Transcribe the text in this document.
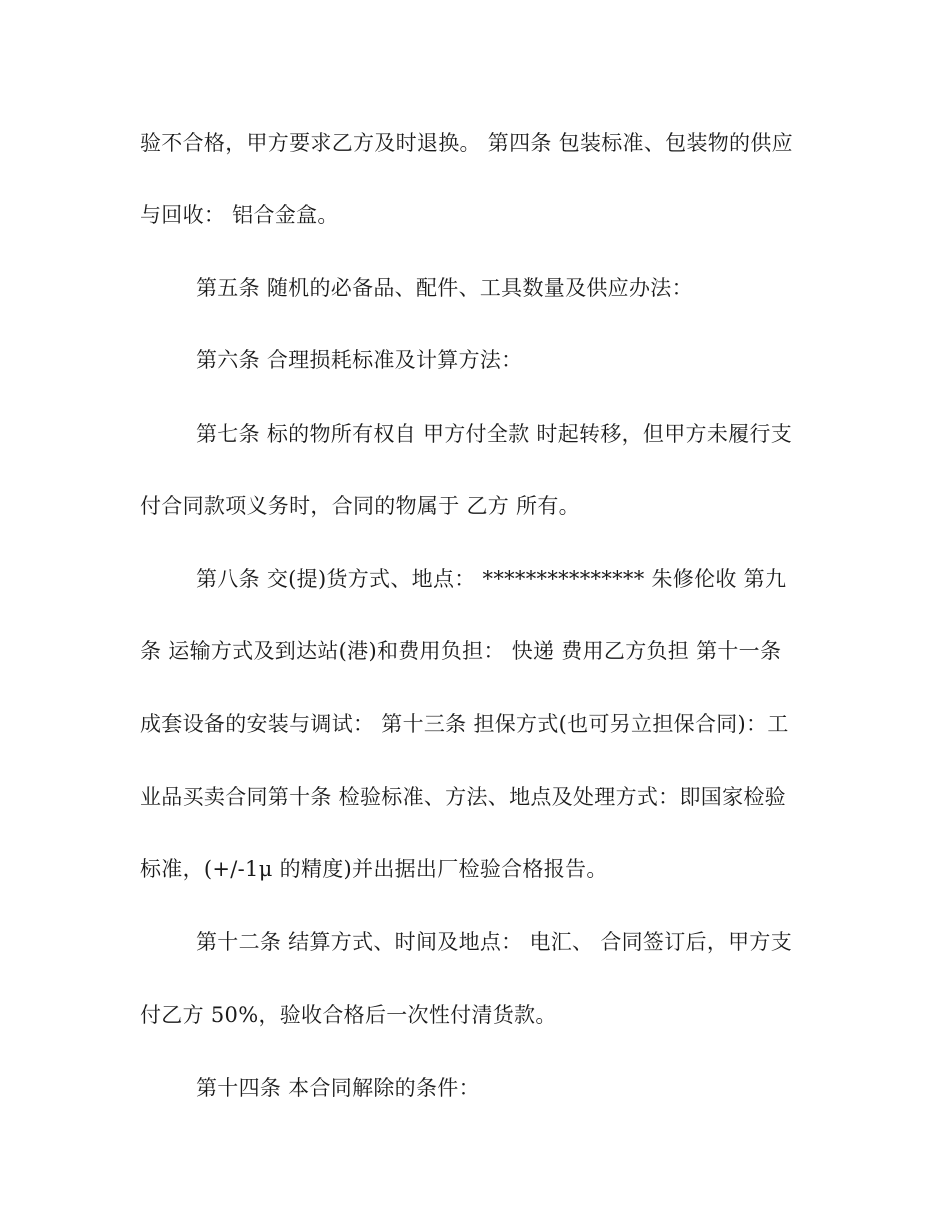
验不合格，甲方要求乙方及时退换。 第四条 包装标准、包装物的供应
与回收： 铝合金盒。
第五条 随机的必备品、配件、工具数量及供应办法：
第六条 合理损耗标准及计算方法：
第七条 标的物所有权自 甲方付全款 时起转移，但甲方未履行支
付合同款项义务时，合同的物属于 乙方 所有。
第八条 交(提)货方式、地点： *************** 朱修伦收 第九
条 运输方式及到达站(港)和费用负担： 快递 费用乙方负担 第十一条
成套设备的安装与调试： 第十三条 担保方式(也可另立担保合同)：工
业品买卖合同第十条 检验标准、方法、地点及处理方式：即国家检验
标准，(+/-1μ 的精度)并出据出厂检验合格报告。
第十二条 结算方式、时间及地点： 电汇、 合同签订后，甲方支
付乙方 50%，验收合格后一次性付清货款。
第十四条 本合同解除的条件：
